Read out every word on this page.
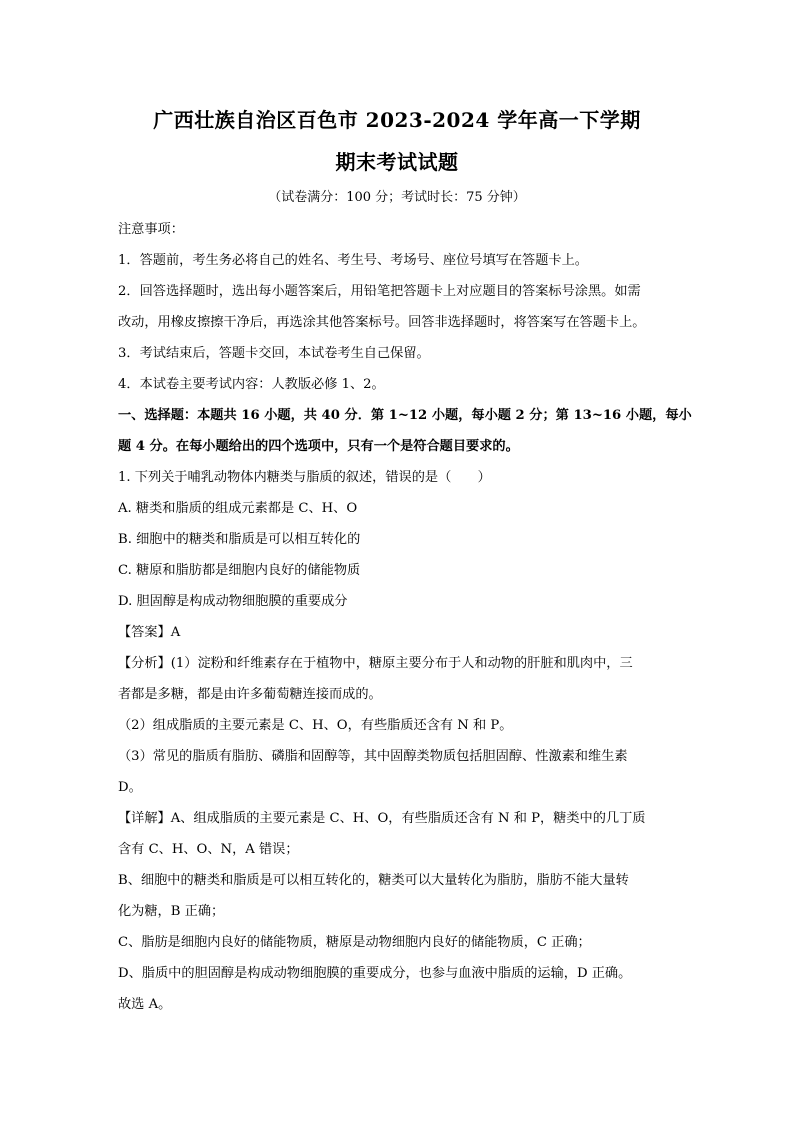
广西壮族自治区百色市 2023-2024 学年高一下学期
期末考试试题
（试卷满分：100 分；考试时长：75 分钟）
注意事项：
1．答题前，考生务必将自己的姓名、考生号、考场号、座位号填写在答题卡上。
2．回答选择题时，选出每小题答案后，用铅笔把答题卡上对应题目的答案标号涂黑。如需
改动，用橡皮擦擦干净后，再选涂其他答案标号。回答非选择题时，将答案写在答题卡上。
3．考试结束后，答题卡交回，本试卷考生自己保留。
4．本试卷主要考试内容：人教版必修 1、2。
一、选择题：本题共 16 小题，共 40 分．第 1~12 小题，每小题 2 分；第 13~16 小题，每小
题 4 分。在每小题给出的四个选项中，只有一个是符合题目要求的。
1. 下列关于哺乳动物体内糖类与脂质的叙述，错误的是（　　）
A. 糖类和脂质的组成元素都是 C、H、O
B. 细胞中的糖类和脂质是可以相互转化的
C. 糖原和脂肪都是细胞内良好的储能物质
D. 胆固醇是构成动物细胞膜的重要成分
【答案】A
【分析】(1）淀粉和纤维素存在于植物中，糖原主要分布于人和动物的肝脏和肌肉中，三
者都是多糖，都是由许多葡萄糖连接而成的。
（2）组成脂质的主要元素是 C、H、O，有些脂质还含有 N 和 P。
（3）常见的脂质有脂肪、磷脂和固醇等，其中固醇类物质包括胆固醇、性激素和维生素
D。
【详解】A、组成脂质的主要元素是 C、H、O，有些脂质还含有 N 和 P，糖类中的几丁质
含有 C、H、O、N，A 错误；
B、细胞中的糖类和脂质是可以相互转化的，糖类可以大量转化为脂肪，脂肪不能大量转
化为糖，B 正确；
C、脂肪是细胞内良好的储能物质，糖原是动物细胞内良好的储能物质，C 正确；
D、脂质中的胆固醇是构成动物细胞膜的重要成分，也参与血液中脂质的运输，D 正确。
故选 A。
